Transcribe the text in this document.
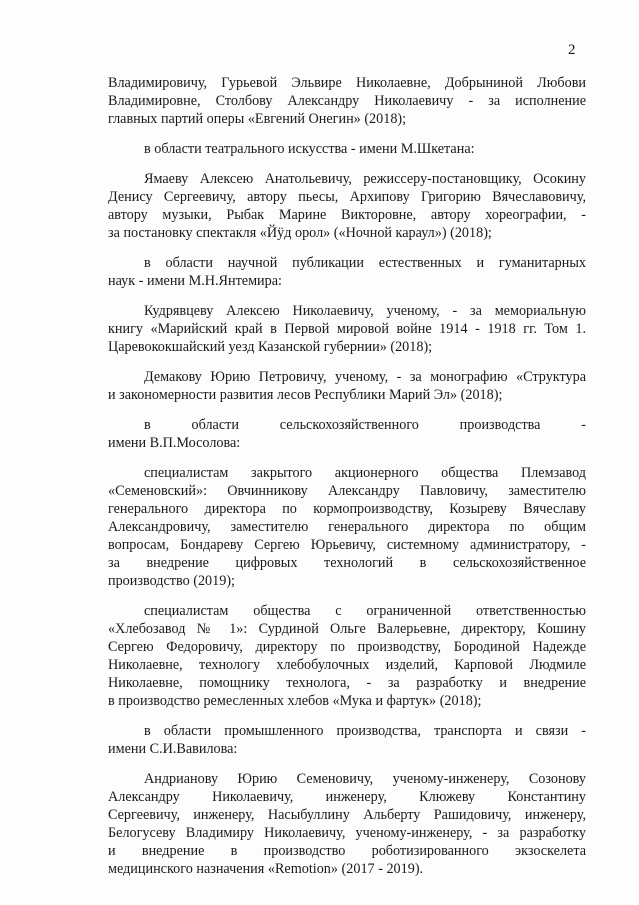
2
Владимировичу, Гурьевой Эльвире Николаевне, Добрыниной Любови
Владимировне, Столбову Александру Николаевичу - за исполнение
главных партий оперы «Евгений Онегин» (2018);
в области театрального искусства - имени М.Шкетана:
Ямаеву Алексею Анатольевичу, режиссеру-постановщику, Осокину
Денису Сергеевичу, автору пьесы, Архипову Григорию Вячеславовичу,
автору музыки, Рыбак Марине Викторовне, автору хореографии, -
за постановку спектакля «Йӱд орол» («Ночной караул») (2018);
в области научной публикации естественных и гуманитарных
наук - имени М.Н.Янтемира:
Кудрявцеву Алексею Николаевичу, ученому, - за мемориальную
книгу «Марийский край в Первой мировой войне 1914 - 1918 гг. Том 1.
Царевококшайский уезд Казанской губернии» (2018);
Демакову Юрию Петровичу, ученому, - за монографию «Структура
и закономерности развития лесов Республики Марий Эл» (2018);
в области сельскохозяйственного производства -
имени В.П.Мосолова:
специалистам закрытого акционерного общества Племзавод
«Семеновский»: Овчинникову Александру Павловичу, заместителю
генерального директора по кормопроизводству, Козыреву Вячеславу
Александровичу, заместителю генерального директора по общим
вопросам, Бондареву Сергею Юрьевичу, системному администратору, -
за внедрение цифровых технологий в сельскохозяйственное
производство (2019);
специалистам общества с ограниченной ответственностью
«Хлебозавод № 1»: Сурдиной Ольге Валерьевне, директору, Кошину
Сергею Федоровичу, директору по производству, Бородиной Надежде
Николаевне, технологу хлебобулочных изделий, Карповой Людмиле
Николаевне, помощнику технолога, - за разработку и внедрение
в производство ремесленных хлебов «Мука и фартук» (2018);
в области промышленного производства, транспорта и связи -
имени С.И.Вавилова:
Андрианову Юрию Семеновичу, ученому-инженеру, Созонову
Александру Николаевичу, инженеру, Клюжеву Константину
Сергеевичу, инженеру, Насыбуллину Альберту Рашидовичу, инженеру,
Белогусеву Владимиру Николаевичу, ученому-инженеру, - за разработку
и внедрение в производство роботизированного экзоскелета
медицинского назначения «Remotion» (2017 - 2019).
